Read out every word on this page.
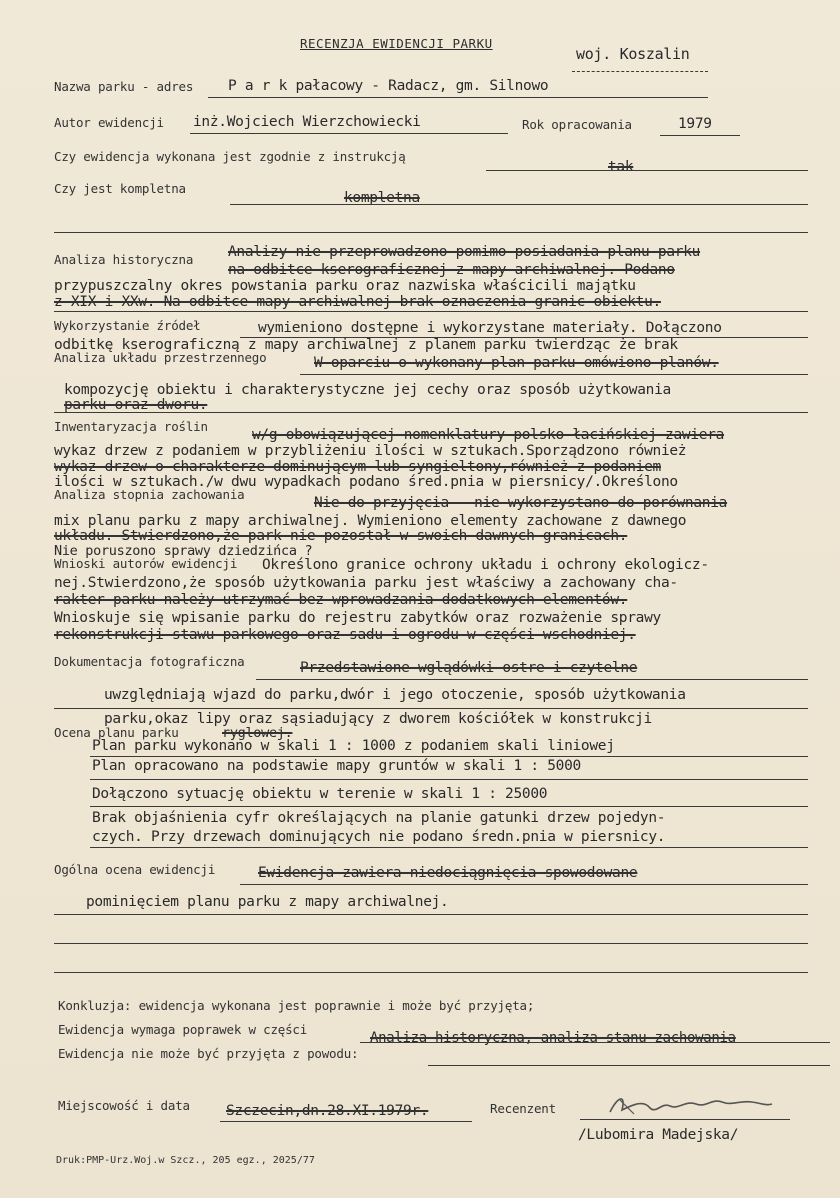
RECENZJA EWIDENCJI PARKU
woj. Koszalin
Nazwa parku - adres P a r k pałacowy - Radacz, gm. Silnowo
Autor ewidencji inż.Wojciech Wierzchowiecki	Rok opracowania	1979
Czy ewidencja wykonana jest zgodnie z instrukcją
tak
Czy jest kompletna
kompletna
Analiza historyczna Analizy nie przeprowadzono pomimo posiadania planu parku
na odbitce kserograficznej z mapy archiwalnej. Podano
przypuszczalny okres powstania parku oraz nazwiska właścicili majątku
z XIX i XXw. Na odbitce mapy archiwalnej brak oznaczenia granic obiektu.
Wykorzystanie źródeł	wymieniono dostępne i wykorzystane materiały. Dołączono
odbitkę kserograficzną z mapy archiwalnej z planem parku twierdząc że brak
Analiza układu przestrzennego	W oparciu o wykonany plan parku omówiono planów.
kompozycję obiektu i charakterystyczne jej cechy oraz sposób użytkowania
parku oraz dworu.
Inwentaryzacja roślin
w/g obowiązującej nomenklatury polsko-łacińskiej zawiera
wykaz drzew z podaniem w przybliżeniu ilości w sztukach.Sporządzono również
wykaz drzew o charakterze dominującym lub syngieltony,również z podaniem
ilości w sztukach./w dwu wypadkach podano śred.pnia w piersnicy/.Określono
Analiza stopnia zachowania
Nie do przyjęcia - nie wykorzystano do porównania
mix planu parku z mapy archiwalnej. Wymieniono elementy zachowane z dawnego
układu. Stwierdzono,że park nie pozostał w swoich dawnych granicach.
Nie poruszono sprawy dziedzińca ?
Wnioski autorów ewidencji Określono granice ochrony układu i ochrony ekologicz-
nej.Stwierdzono,że sposób użytkowania parku jest właściwy a zachowany cha-
rakter parku należy utrzymać bez wprowadzania dodatkowych elementów.
Wnioskuje się wpisanie parku do rejestru zabytków oraz rozważenie sprawy
rekonstrukcji stawu parkowego oraz sadu i ogrodu w części wschodniej.
Dokumentacja fotograficzna	Przedstawione wglądówki ostre i czytelne
uwzględniają wjazd do parku,dwór i jego otoczenie, sposób użytkowania
parku,okaz lipy oraz sąsiadujący z dworem kościółek w konstrukcji
ryglowej.
Ocena planu parku
Plan parku wykonano w skali 1 : 1000 z podaniem skali liniowej
Plan opracowano na podstawie mapy gruntów w skali 1 : 5000
Dołączono sytuację obiektu w terenie w skali 1 : 25000
Brak objaśnienia cyfr określających na planie gatunki drzew pojedyn-
czych. Przy drzewach dominujących nie podano średn.pnia w piersnicy.
Ogólna ocena ewidencji	Ewidencja zawiera niedociągnięcia spowodowane
pominięciem planu parku z mapy archiwalnej.
Konkluzja: ewidencja wykonana jest poprawnie i może być przyjęta;
Ewidencja wymaga poprawek w części
Analiza historyczna, analiza stanu zachowania
Ewidencja nie może być przyjęta z powodu:
Miejscowość i data Szczecin,dn.28.XI.1979r.	Recenzent
/Lubomira Madejska/
Druk:PMP-Urz.Woj.w Szcz., 205 egz., 2025/77
